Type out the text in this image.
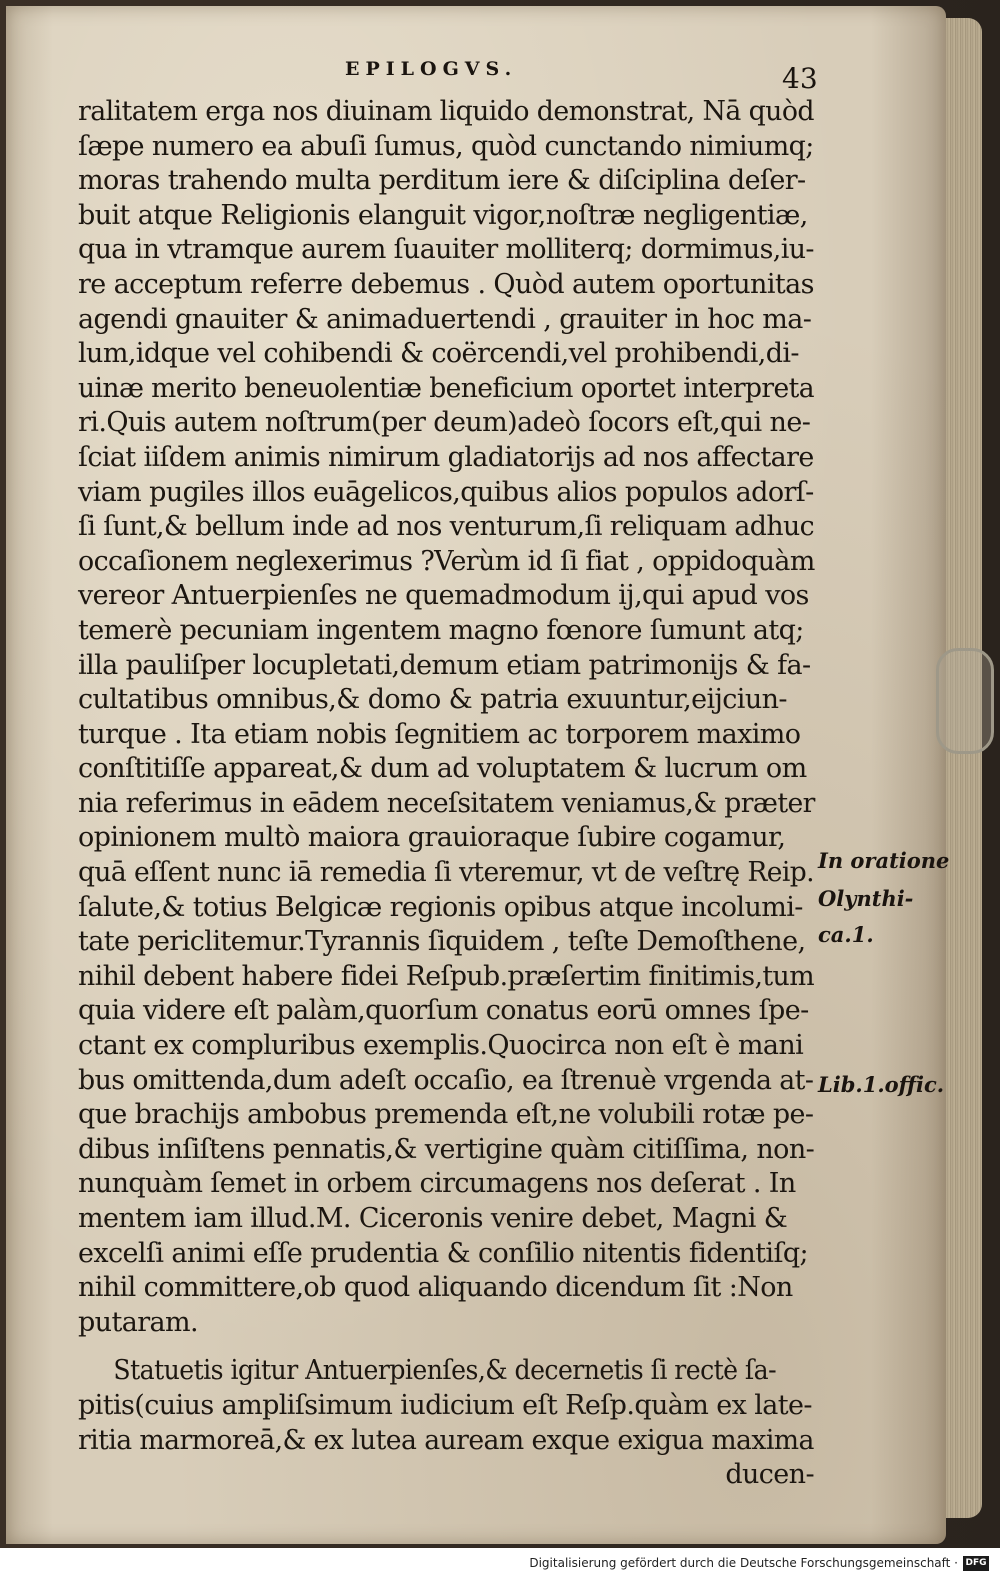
EPILOGVS.	43
ralitatem erga nos diuinam liquido demonstrat, Nā quòd
ſæpe numero ea abuſi ſumus, quòd cunctando nimiumq;
moras trahendo multa perditum iere & diſciplina deſer-
buit atque Religionis elanguit vigor,noſtræ negligentiæ,
qua in vtramque aurem ſuauiter molliterq; dormimus,iu-
re acceptum referre debemus . Quòd autem oportunitas
agendi gnauiter & animaduertendi , grauiter in hoc ma-
lum,idque vel cohibendi & coërcendi,vel prohibendi,di-
uinæ merito beneuolentiæ beneficium oportet interpreta
ri.Quis autem noſtrum(per deum)adeò ſocors eſt,qui ne-
ſciat iiſdem animis nimirum gladiatorijs ad nos affectare
viam pugiles illos euāgelicos,quibus alios populos adorſ-
ſi ſunt,& bellum inde ad nos venturum,ſi reliquam adhuc
occaſionem neglexerimus ?Verùm id ſi fiat , oppidoquàm
vereor Antuerpienſes ne quemadmodum ij,qui apud vos
temerè pecuniam ingentem magno fœnore ſumunt atq;
illa pauliſper locupletati,demum etiam patrimonijs & fa-
cultatibus omnibus,& domo & patria exuuntur,eijciun-
turque . Ita etiam nobis ſegnitiem ac torporem maximo
conſtitiſſe appareat,& dum ad voluptatem & lucrum om
nia referimus in eādem neceſsitatem veniamus,& præter
opinionem multò maiora grauioraque ſubire cogamur,
quā eſſent nunc iā remedia ſi vteremur, vt de veſtrę Reip.
ſalute,& totius Belgicæ regionis opibus atque incolumi-
tate periclitemur.Tyrannis ſiquidem , teſte Demoſthene,
nihil debent habere fidei Reſpub.præſertim finitimis,tum
quia videre eſt palàm,quorſum conatus eorū omnes ſpe-
ctant ex compluribus exemplis.Quocirca non eſt è mani
bus omittenda,dum adeſt occaſio, ea ſtrenuè vrgenda at-
que brachijs ambobus premenda eſt,ne volubili rotæ pe-
dibus inſiſtens pennatis,& vertigine quàm citiſſima, non-
nunquàm ſemet in orbem circumagens nos deſerat . In
mentem iam illud.M. Ciceronis venire debet, Magni &
excelſi animi eſſe prudentia & conſilio nitentis fidentiſq;
nihil committere,ob quod aliquando dicendum ſit :Non
putaram.
Statuetis igitur Antuerpienſes,& decernetis ſi rectè ſa-
pitis(cuius ampliſsimum iudicium eſt Reſp.quàm ex late-
ritia marmoreā,& ex lutea auream exque exigua maxima
ducen-
In oratione
Olynthi-
ca.1.
Lib.1.offic.
Digitalisierung gefördert durch die Deutsche Forschungsgemeinschaft · DFG
